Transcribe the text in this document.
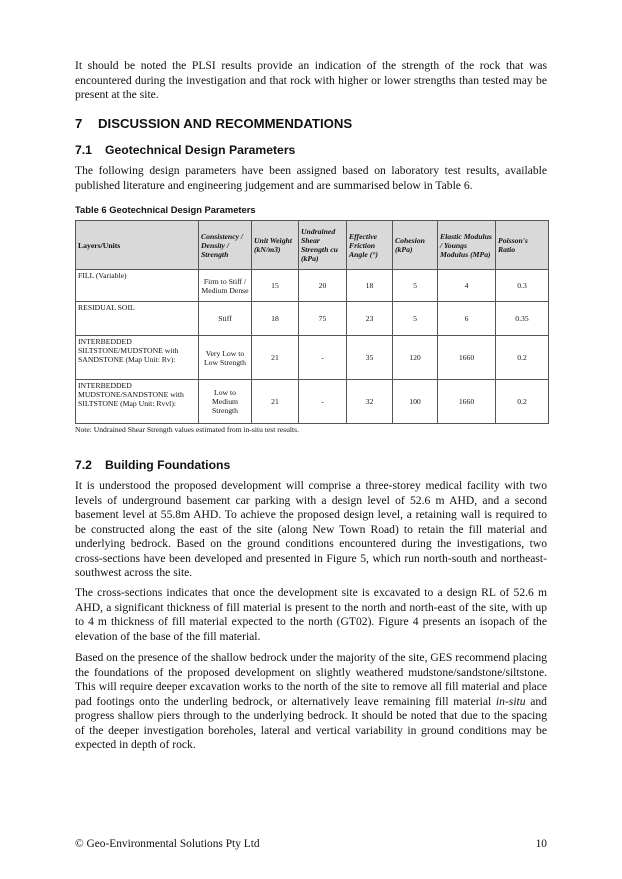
It should be noted the PLSI results provide an indication of the strength of the rock that was encountered during the investigation and that rock with higher or lower strengths than tested may be present at the site.

7 DISCUSSION AND RECOMMENDATIONS
7.1 Geotechnical Design Parameters

The following design parameters have been assigned based on laboratory test results, available published literature and engineering judgement and are summarised below in Table 6.

Table 6 Geotechnical Design Parameters

Layers/Units	Consistency / Density / Strength	Unit Weight (kN/m3)	Undrained Shear Strength cu (kPa)	Effective Friction Angle (°)	Cohesion (kPa)	Elastic Modulus / Youngs Modulus (MPa)	Poisson's Ratio
FILL (Variable)	Firm to Stiff / Medium Dense	15	20	18	5	4	0.3
RESIDUAL SOIL	Stiff	18	75	23	5	6	0.35
INTERBEDDED SILTSTONE/MUDSTONE with SANDSTONE (Map Unit: Rv):	Very Low to Low Strength	21	-	35	120	1660	0.2
INTERBEDDED MUDSTONE/SANDSTONE with SILTSTONE (Map Unit: Rvvl):	Low to Medium Strength	21	-	32	100	1660	0.2

Note: Undrained Shear Strength values estimated from in-situ test results.

7.2 Building Foundations

It is understood the proposed development will comprise a three-storey medical facility with two levels of underground basement car parking with a design level of 52.6 m AHD, and a second basement level at 55.8m AHD. To achieve the proposed design level, a retaining wall is required to be constructed along the east of the site (along New Town Road) to retain the fill material and underlying bedrock. Based on the ground conditions encountered during the investigations, two cross-sections have been developed and presented in Figure 5, which run north-south and northeast-southwest across the site.

The cross-sections indicates that once the development site is excavated to a design RL of 52.6 m AHD, a significant thickness of fill material is present to the north and north-east of the site, with up to 4 m thickness of fill material expected to the north (GT02). Figure 4 presents an isopach of the elevation of the base of the fill material.

Based on the presence of the shallow bedrock under the majority of the site, GES recommend placing the foundations of the proposed development on slightly weathered mudstone/sandstone/siltstone. This will require deeper excavation works to the north of the site to remove all fill material and place pad footings onto the underling bedrock, or alternatively leave remaining fill material in-situ and progress shallow piers through to the underlying bedrock. It should be noted that due to the spacing of the deeper investigation boreholes, lateral and vertical variability in ground conditions may be expected in depth of rock.

© Geo-Environmental Solutions Pty Ltd	10
